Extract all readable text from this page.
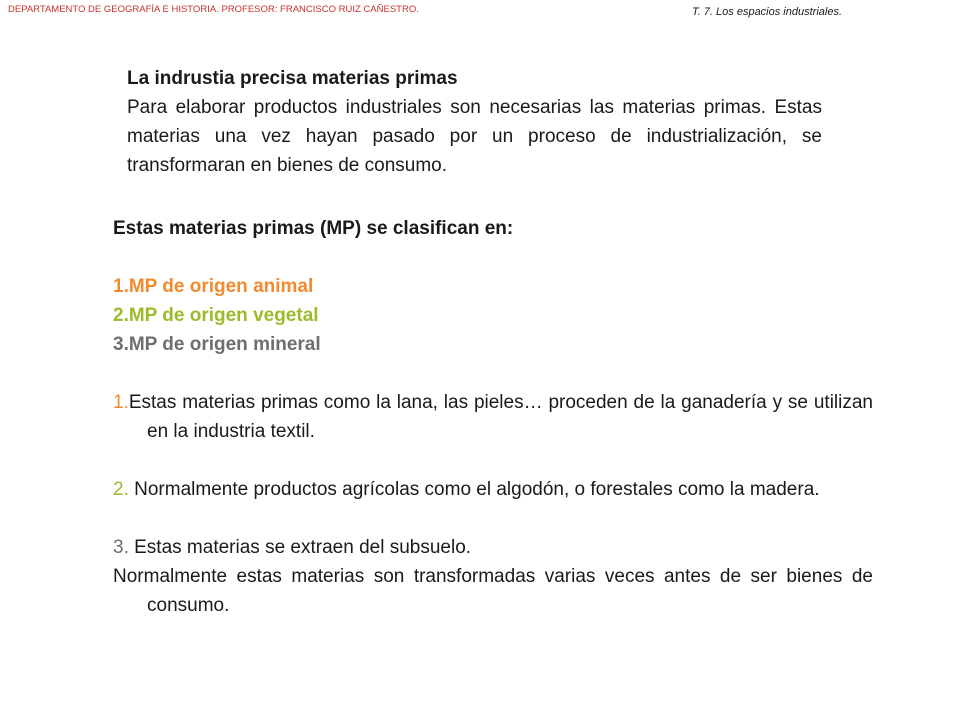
DEPARTAMENTO DE GEOGRAFÍA E HISTORIA. PROFESOR: FRANCISCO RUIZ CAÑESTRO.	T. 7. Los espacios industriales.
La indrustia precisa materias primas
Para elaborar productos industriales son necesarias las materias primas. Estas materias una vez hayan pasado por un proceso de industrialización, se transformaran en bienes de consumo.

Estas materias primas (MP) se clasifican en:

1.MP de origen animal
2.MP de origen vegetal
3.MP de origen mineral

1.Estas materias primas como la lana, las pieles… proceden de la ganadería y se utilizan en la industria textil.

2. Normalmente productos agrícolas como el algodón, o forestales como la madera.

3. Estas materias se extraen del subsuelo.

Normalmente estas materias son transformadas varias veces antes de ser bienes de consumo.
